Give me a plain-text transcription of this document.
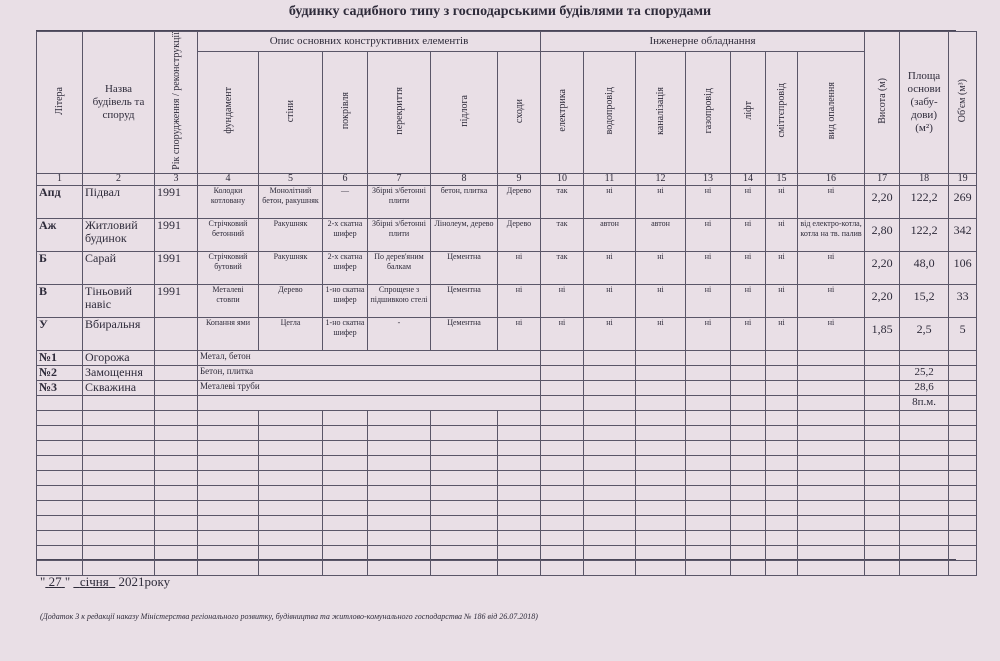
будинку садибного типу з господарськими будівлями та спорудами
Літера	Назва будівель та споруд	Рік спорудження / реконструкції	Опис основних конструктивних елементів						Інженерне обладнання							Висота (м)	Площа
основи
(забу-
дови)
(м²)	Об'єм (м³)
			фундамент	стіни	покрівля	перекриття	підлога	сходи	електрика	водопровід	каналізація	газопровід	ліфт	сміттєпровід	вид опалення			
1	2	3	4	5	6	7	8	9	10	11	12	13	14	15	16	17	18	19

Апд	Підвал	1991	Колодки котловану	Монолітний бетон, ракушняк	—	Збірні з/бетонні плити	бетон, плитка	Дерево	так	ні	ні	ні	ні	ні	ні	2,20	122,2	269

Аж	Житловий
будинок	1991	Стрічковий бетонний	Ракушняк	2-х скатна шифер	Збірні з/бетонні плити	Лінолеум, дерево	Дерево	так	автон	автон	ні	ні	ні	від електро-котла, котла на тв. палив	2,80	122,2	342

Б	Сарай	1991	Стрічковий бутовий	Ракушняк	2-х скатна шифер	По дерев'яним балкам	Цементна	ні	так	ні	ні	ні	ні	ні	ні	2,20	48,0	106

В	Тіньовий
навіс	1991	Металеві стовпи	Дерево	1-но скатна шифер	Спрощене з підшивкою стелі	Цементна	ні	ні	ні	ні	ні	ні	ні	ні	2,20	15,2	33

У	Вбиральня		Копання ями	Цегла	1-но скатна шифер	-	Цементна	ні	ні	ні	ні	ні	ні	ні	ні	1,85	2,5	5

№1	Огорожа		Метал, бетон															

№2	Замощення		Бетон, плитка														25,2	

№3	Скважина		Металеві труби														28,6	

																	8п.м.	

" 27 " січня 2021року
(Додаток 3 к редакції наказу Міністерства регіонального розвитку, будівництва та житлово-комунального господарства № 186 від 26.07.2018)
